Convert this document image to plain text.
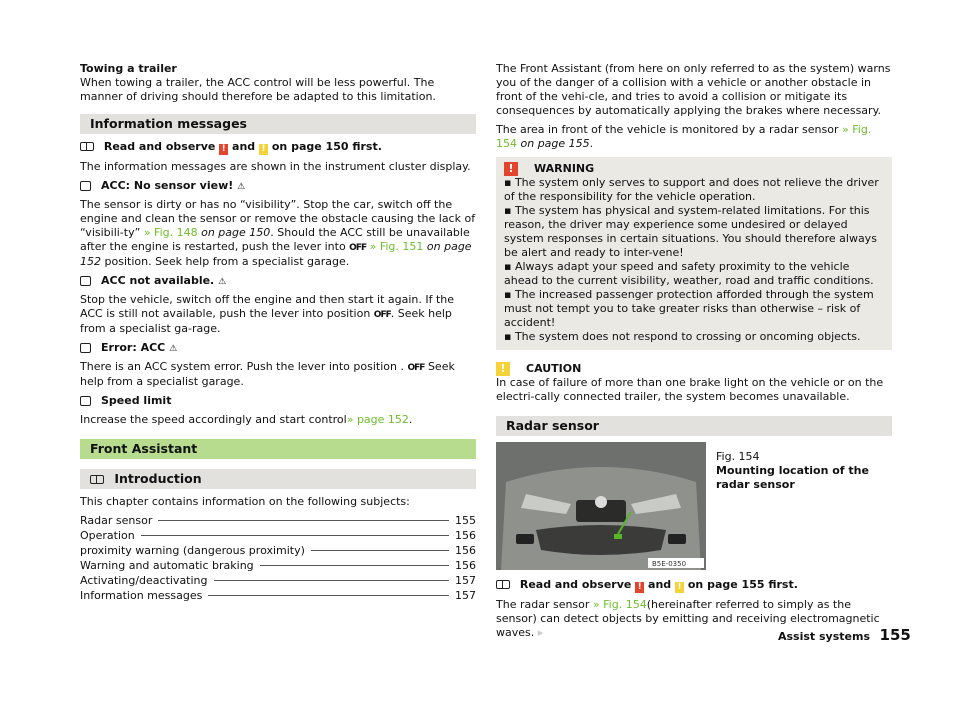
Towing a trailer
When towing a trailer, the ACC control will be less powerful. The manner of driving should therefore be adapted to this limitation.

Information messages

Read and observe ! and ! on page 150 first.

The information messages are shown in the instrument cluster display.

ACC: No sensor view! ⚠

The sensor is dirty or has no “visibility”. Stop the car, switch off the engine and clean the sensor or remove the obstacle causing the lack of “visibili-ty” » Fig. 148 on page 150. Should the ACC still be unavailable after the engine is restarted, push the lever into OFF » Fig. 151 on page 152 position. Seek help from a specialist garage.

ACC not available. ⚠

Stop the vehicle, switch off the engine and then start it again. If the ACC is still not available, push the lever into position OFF. Seek help from a specialist ga-rage.

Error: ACC ⚠

There is an ACC system error. Push the lever into position . OFF Seek help from a specialist garage.

Speed limit

Increase the speed accordingly and start control» page 152.

Front Assistant
Introduction

This chapter contains information on the following subjects:

Radar sensor	155
Operation	156
proximity warning (dangerous proximity)	156
Warning and automatic braking	156
Activating/deactivating	157
Information messages	157

The Front Assistant (from here on only referred to as the system) warns you of the danger of a collision with a vehicle or another obstacle in front of the vehi-cle, and tries to avoid a collision or mitigate its consequences by automatically applying the brakes where necessary.

The area in front of the vehicle is monitored by a radar sensor » Fig. 154 on page 155.

! WARNING
▪ The system only serves to support and does not relieve the driver of the responsibility for the vehicle operation.
▪ The system has physical and system-related limitations. For this reason, the driver may experience some undesired or delayed system responses in certain situations. You should therefore always be alert and ready to inter-vene!
▪ Always adapt your speed and safety proximity to the vehicle ahead to the current visibility, weather, road and traffic conditions.
▪ The increased passenger protection afforded through the system must not tempt you to take greater risks than otherwise – risk of accident!
▪ The system does not respond to crossing or oncoming objects.
! CAUTION
In case of failure of more than one brake light on the vehicle or on the electri-cally connected trailer, the system becomes unavailable.
Radar sensor
B5E-0350
Fig. 154
Mounting location of the radar sensor

Read and observe ! and ! on page 155 first.

The radar sensor » Fig. 154(hereinafter referred to simply as the sensor) can detect objects by emitting and receiving electromagnetic waves. ▸	Assist systems 155
